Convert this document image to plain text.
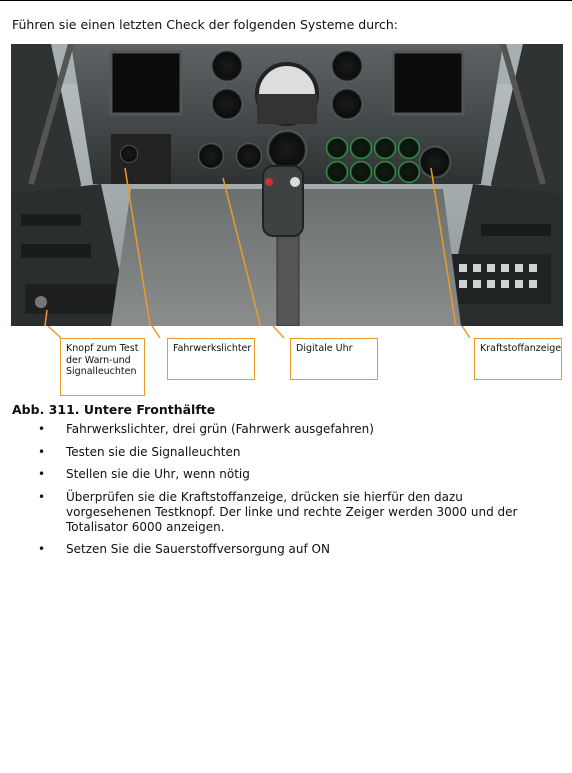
Führen sie einen letzten Check der folgenden Systeme durch:
Knopf zum Test der Warn-und Signalleuchten
Fahrwerkslichter	Digitale Uhr	Kraftstoffanzeige
Abb. 311. Untere Fronthälfte
• Fahrwerkslichter, drei grün (Fahrwerk ausgefahren)
• Testen sie die Signalleuchten
• Stellen sie die Uhr, wenn nötig
• Überprüfen sie die Kraftstoffanzeige, drücken sie hierfür den dazu vorgesehenen Testknopf. Der linke und rechte Zeiger werden 3000 und der Totalisator 6000 anzeigen.
• Setzen Sie die Sauerstoffversorgung auf ON
